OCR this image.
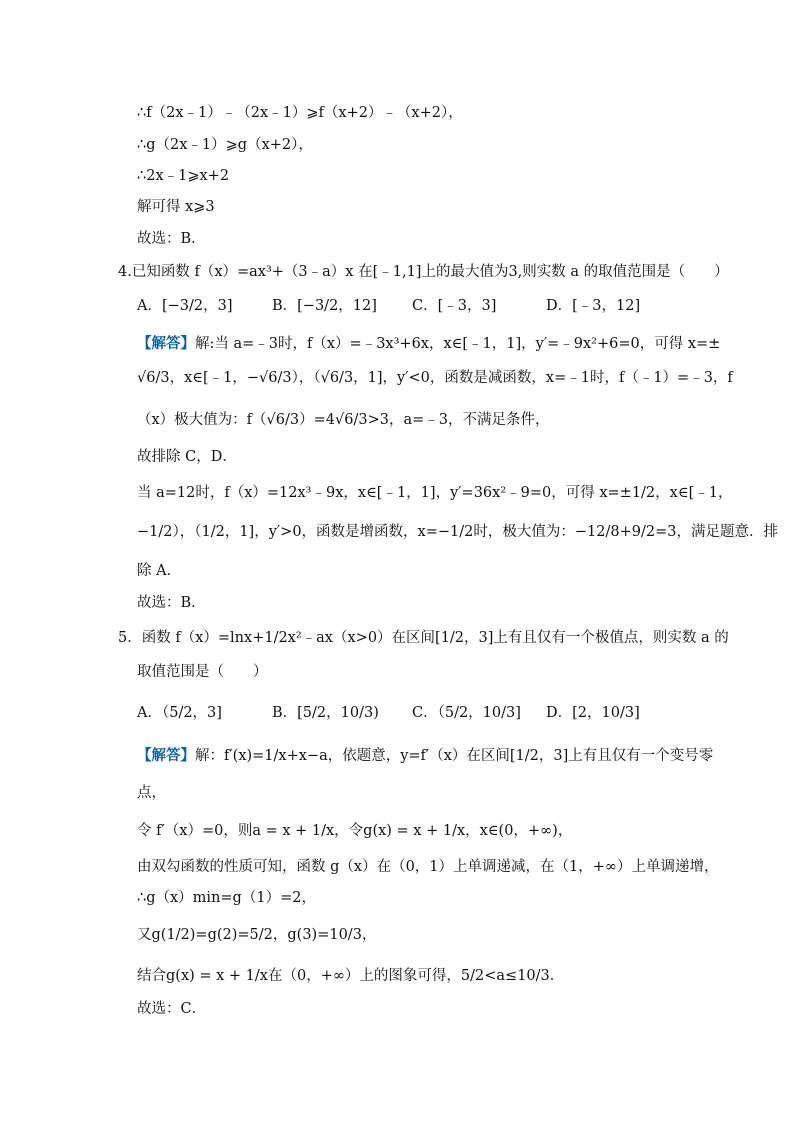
∴f（2x﹣1）﹣（2x﹣1）⩾f（x+2）﹣（x+2），
∴g（2x﹣1）⩾g（x+2），
∴2x﹣1⩾x+2
解可得 x⩾3
故选：B．
4.已知函数 f（x）=ax³+（3﹣a）x 在[﹣1,1]上的最大值为3,则实数 a 的取值范围是（　　）
A．[−3/2，3]	B．[−3/2，12] C．[﹣3，3]	D．[﹣3，12]
【解答】解:当 a=﹣3时，f（x）=﹣3x³+6x，x∈[﹣1，1]，y′=﹣9x²+6=0，可得 x=±
√6/3，x∈[﹣1，−√6/3），（√6/3，1]，y′<0，函数是减函数，x=﹣1时，f（﹣1）=﹣3，f
（x）极大值为：f（√6/3）=4√6/3>3，a=﹣3，不满足条件，
故排除 C，D．
当 a=12时，f（x）=12x³﹣9x，x∈[﹣1，1]，y′=36x²﹣9=0，可得 x=±1/2，x∈[﹣1，
−1/2），（1/2，1]，y′>0，函数是增函数，x=−1/2时，极大值为：−12/8+9/2=3，满足题意．排
除 A．
故选：B．
5．函数 f（x）=lnx+1/2x²﹣ax（x>0）在区间[1/2，3]上有且仅有一个极值点，则实数 a 的
取值范围是（　　）
A．（5/2，3]	B．[5/2，10/3) C．（5/2，10/3] D．[2，10/3]
【解答】解：f′(x)=1/x+x−a，依题意，y=f′（x）在区间[1/2，3]上有且仅有一个变号零
点，
令 f′（x）=0，则a = x + 1/x，令g(x) = x + 1/x，x∈(0，+∞)，
由双勾函数的性质可知，函数 g（x）在（0，1）上单调递减，在（1，+∞）上单调递增，
∴g（x）min=g（1）=2，
又g(1/2)=g(2)=5/2，g(3)=10/3，
结合g(x) = x + 1/x在（0，+∞）上的图象可得，5/2<a≤10/3．
故选：C．
